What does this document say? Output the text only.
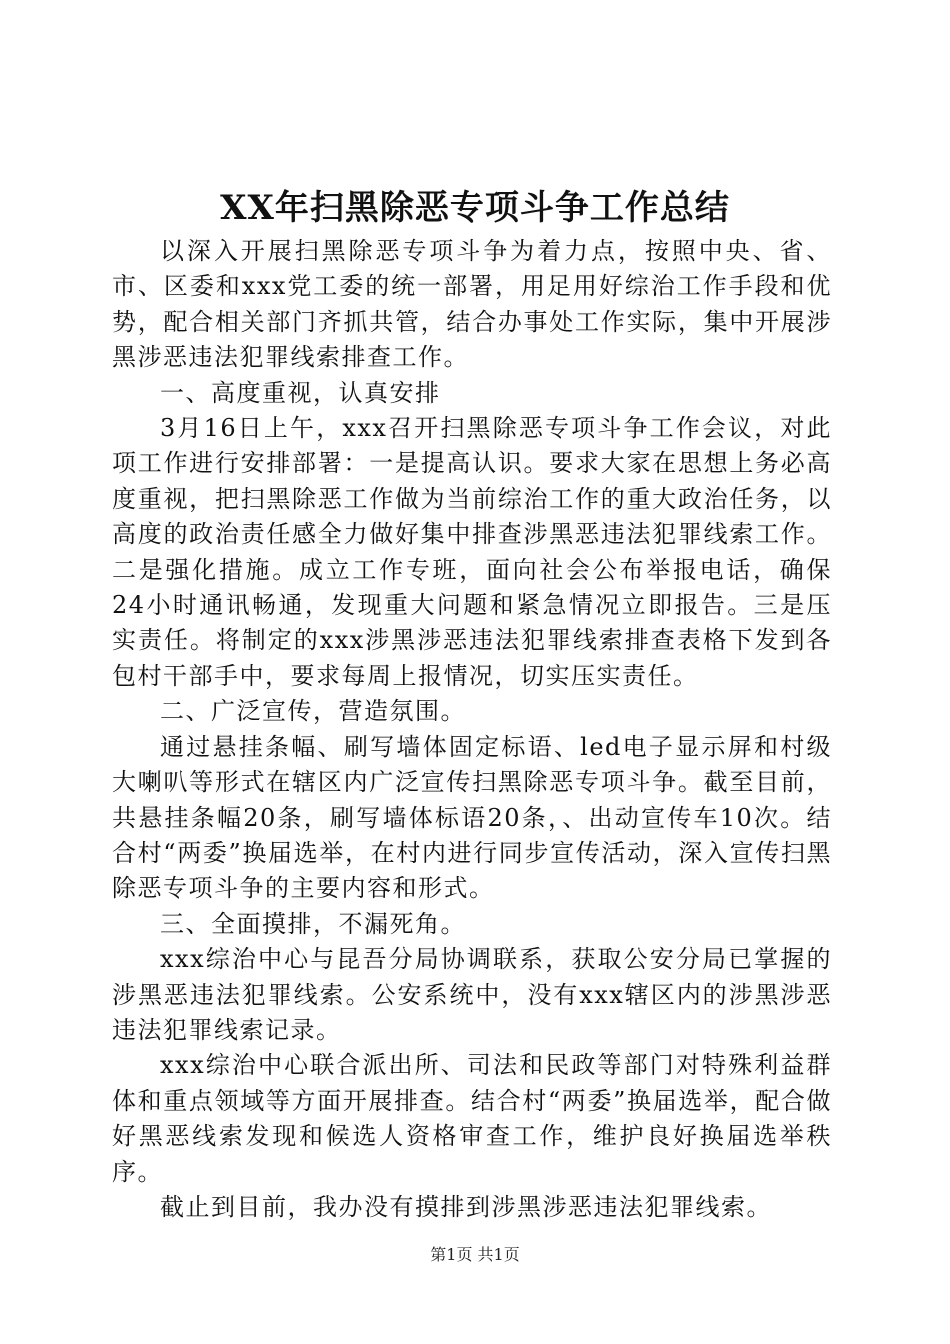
XX年扫黑除恶专项斗争工作总结

以深入开展扫黑除恶专项斗争为着力点，按照中央、省、市、区委和xxx党工委的统一部署，用足用好综治工作手段和优势，配合相关部门齐抓共管，结合办事处工作实际，集中开展涉黑涉恶违法犯罪线索排查工作。

一、高度重视，认真安排

3月16日上午，xxx召开扫黑除恶专项斗争工作会议，对此项工作进行安排部署：一是提高认识。要求大家在思想上务必高度重视，把扫黑除恶工作做为当前综治工作的重大政治任务，以高度的政治责任感全力做好集中排查涉黑恶违法犯罪线索工作。二是强化措施。成立工作专班，面向社会公布举报电话，确保24小时通讯畅通，发现重大问题和紧急情况立即报告。三是压实责任。将制定的xxx涉黑涉恶违法犯罪线索排查表格下发到各包村干部手中，要求每周上报情况，切实压实责任。

二、广泛宣传，营造氛围。

通过悬挂条幅、刷写墙体固定标语、led电子显示屏和村级大喇叭等形式在辖区内广泛宣传扫黑除恶专项斗争。截至目前，共悬挂条幅20条，刷写墙体标语20条，、出动宣传车10次。结合村“两委”换届选举，在村内进行同步宣传活动，深入宣传扫黑除恶专项斗争的主要内容和形式。

三、全面摸排，不漏死角。

xxx综治中心与昆吾分局协调联系，获取公安分局已掌握的涉黑恶违法犯罪线索。公安系统中，没有xxx辖区内的涉黑涉恶违法犯罪线索记录。

xxx综治中心联合派出所、司法和民政等部门对特殊利益群体和重点领域等方面开展排查。结合村“两委”换届选举，配合做好黑恶线索发现和候选人资格审查工作，维护良好换届选举秩序。

截止到目前，我办没有摸排到涉黑涉恶违法犯罪线索。

第1页 共1页
